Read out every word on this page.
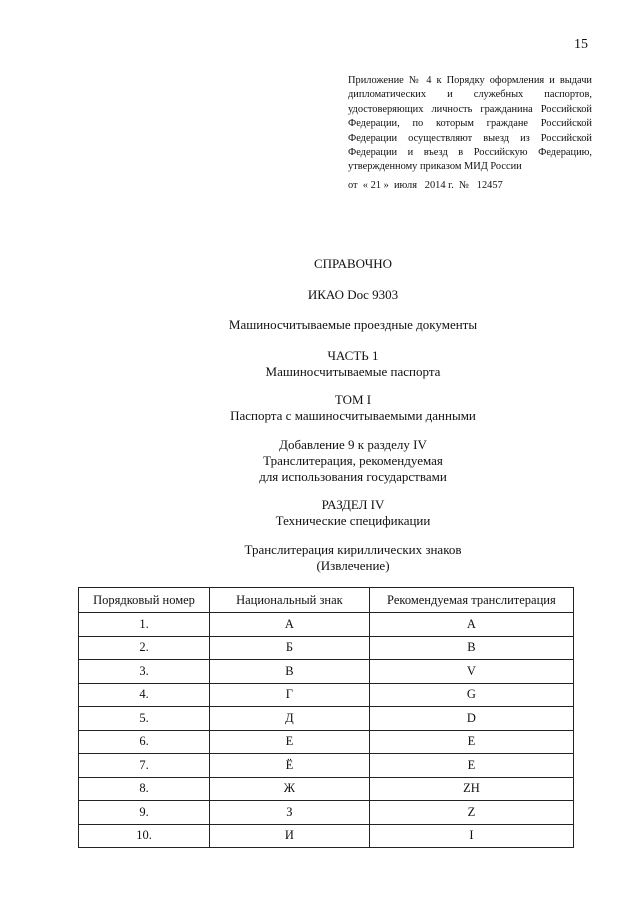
15
Приложение № 4 к Порядку оформления и выдачи
дипломатических и служебных паспортов,
удостоверяющих личность гражданина Российской
Федерации, по которым граждане Российской
Федерации осуществляют выезд из Российской
Федерации и въезд в Российскую Федерацию,
утвержденному приказом МИД России
от  « 21 »  июля   2014 г.  №   12457
СПРАВОЧНО
ИКАО Doc 9303
Машиносчитываемые проездные документы
ЧАСТЬ 1
Машиносчитываемые паспорта
ТОМ I
Паспорта с машиносчитываемыми данными
Добавление 9 к разделу IV
Транслитерация, рекомендуемая
для использования государствами
РАЗДЕЛ IV
Технические спецификации
Транслитерация кириллических знаков
(Извлечение)
Порядковый номер	Национальный знак	Рекомендуемая транслитерация
1.	А	A
2.	Б	B
3.	В	V
4.	Г	G
5.	Д	D
6.	Е	E
7.	Ё	E
8.	Ж	ZH
9.	З	Z
10.	И	I
